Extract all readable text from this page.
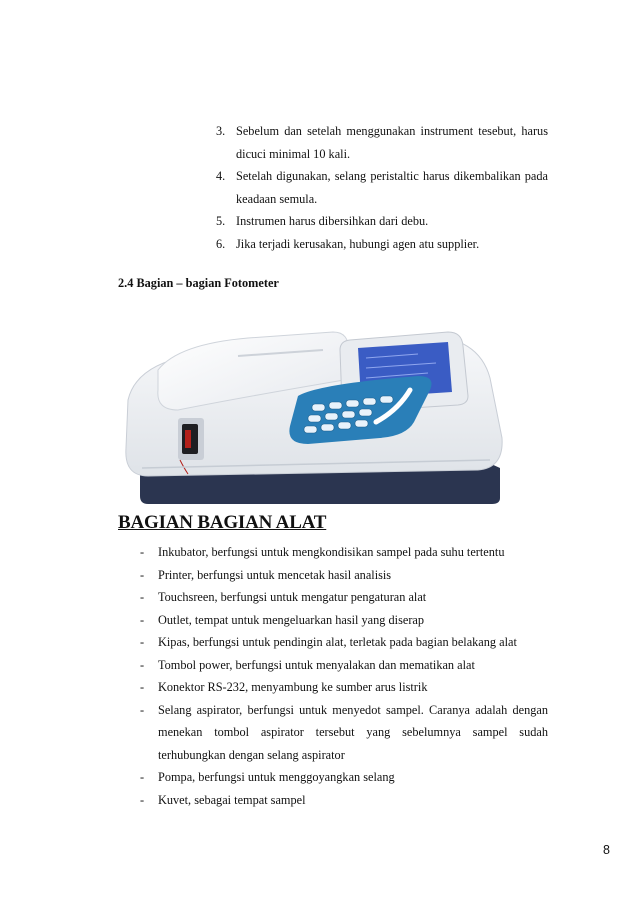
3. Sebelum dan setelah menggunakan instrument tesebut, harus dicuci minimal 10 kali.
4. Setelah digunakan, selang peristaltic harus dikembalikan pada keadaan semula.
5. Instrumen harus dibersihkan dari debu.
6. Jika terjadi kerusakan, hubungi agen atu supplier.
2.4 Bagian – bagian Fotometer
BAGIAN BAGIAN ALAT
-	Inkubator, berfungsi untuk mengkondisikan sampel pada suhu tertentu
-	Printer, berfungsi untuk mencetak hasil analisis
-	Touchsreen, berfungsi untuk mengatur pengaturan alat
-	Outlet, tempat untuk mengeluarkan hasil yang diserap
-	Kipas, berfungsi untuk pendingin alat, terletak pada bagian belakang alat
-	Tombol power, berfungsi untuk menyalakan dan mematikan alat
-	Konektor RS-232, menyambung ke sumber arus listrik
-	Selang aspirator, berfungsi untuk menyedot sampel. Caranya adalah dengan menekan tombol aspirator tersebut yang sebelumnya sampel sudah terhubungkan dengan selang aspirator
-	Pompa, berfungsi untuk menggoyangkan selang
-	Kuvet, sebagai tempat sampel
8
